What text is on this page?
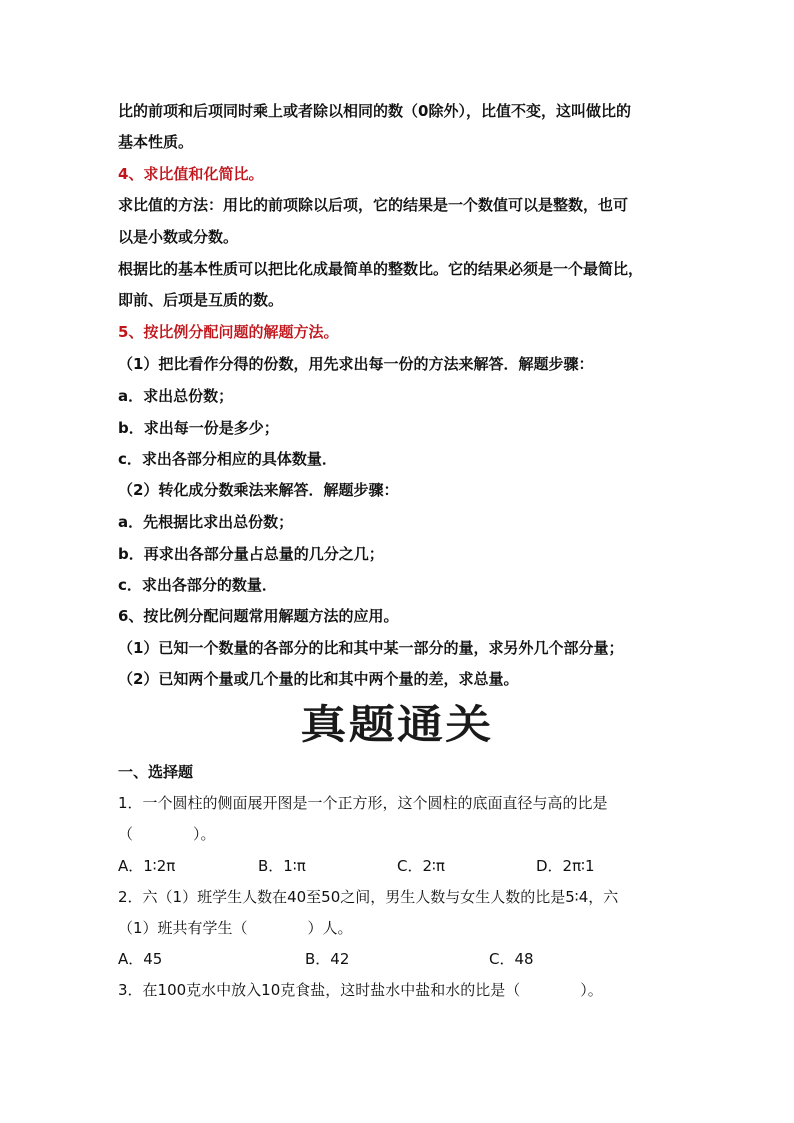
比的前项和后项同时乘上或者除以相同的数（0除外），比值不变，这叫做比的
基本性质。
4、求比值和化简比。
求比值的方法：用比的前项除以后项，它的结果是一个数值可以是整数，也可
以是小数或分数。
根据比的基本性质可以把比化成最简单的整数比。它的结果必须是一个最简比，
即前、后项是互质的数。
5、按比例分配问题的解题方法。
（1）把比看作分得的份数，用先求出每一份的方法来解答．解题步骤：
a．求出总份数；
b．求出每一份是多少；
c．求出各部分相应的具体数量．
（2）转化成分数乘法来解答．解题步骤：
a．先根据比求出总份数；
b．再求出各部分量占总量的几分之几；
c．求出各部分的数量．
6、按比例分配问题常用解题方法的应用。
（1）已知一个数量的各部分的比和其中某一部分的量，求另外几个部分量；
（2）已知两个量或几个量的比和其中两个量的差，求总量。
真题通关
一、选择题
1．一个圆柱的侧面展开图是一个正方形，这个圆柱的底面直径与高的比是
（　　　　）。
A．1∶2π	B．1∶π	C．2∶π	D．2π∶1
2．六（1）班学生人数在40至50之间，男生人数与女生人数的比是5∶4，六
（1）班共有学生（　　　　）人。
A．45	B．42	C．48
3．在100克水中放入10克食盐，这时盐水中盐和水的比是（　　　　）。
